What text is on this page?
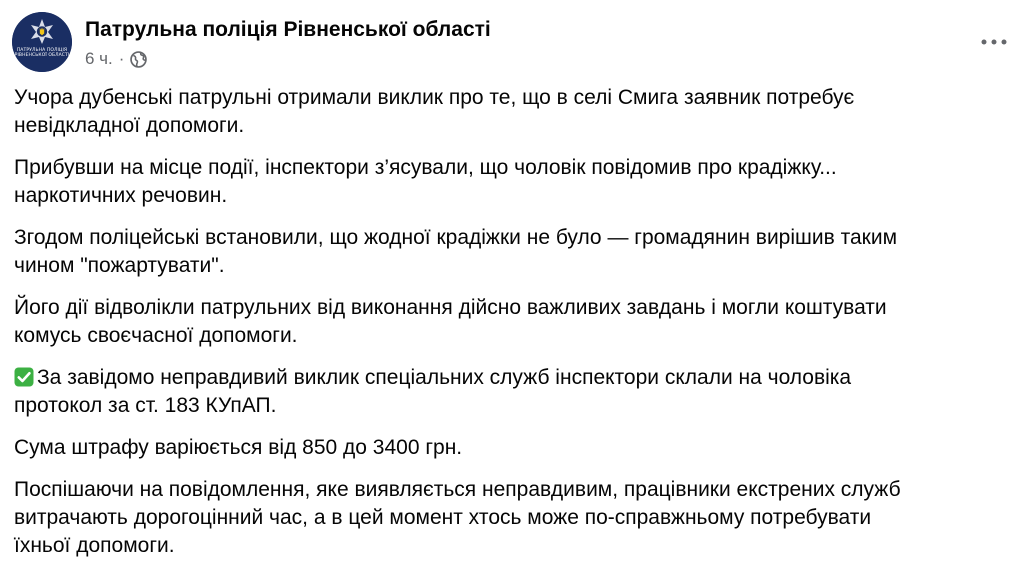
ПАТРУЛЬНА ПОЛІЦІЯ
РІВНЕНСЬКОЇ ОБЛАСТІ
Патрульна поліція Рівненської області
6 ч. ·

Учора дубенські патрульні отримали виклик про те, що в селі Смига заявник потребує
невідкладної допомоги.

Прибувши на місце події, інспектори з’ясували, що чоловік повідомив про крадіжку...
наркотичних речовин.

Згодом поліцейські встановили, що жодної крадіжки не було — громадянин вирішив таким
чином "пожартувати".

Його дії відволікли патрульних від виконання дійсно важливих завдань і могли коштувати
комусь своєчасної допомоги.

За завідомо неправдивий виклик спеціальних служб інспектори склали на чоловіка
протокол за ст. 183 КУпАП.

Сума штрафу варіюється від 850 до 3400 грн.

Поспішаючи на повідомлення, яке виявляється неправдивим, працівники екстрених служб
витрачають дорогоцінний час, а в цей момент хтось може по-справжньому потребувати
їхньої допомоги.
